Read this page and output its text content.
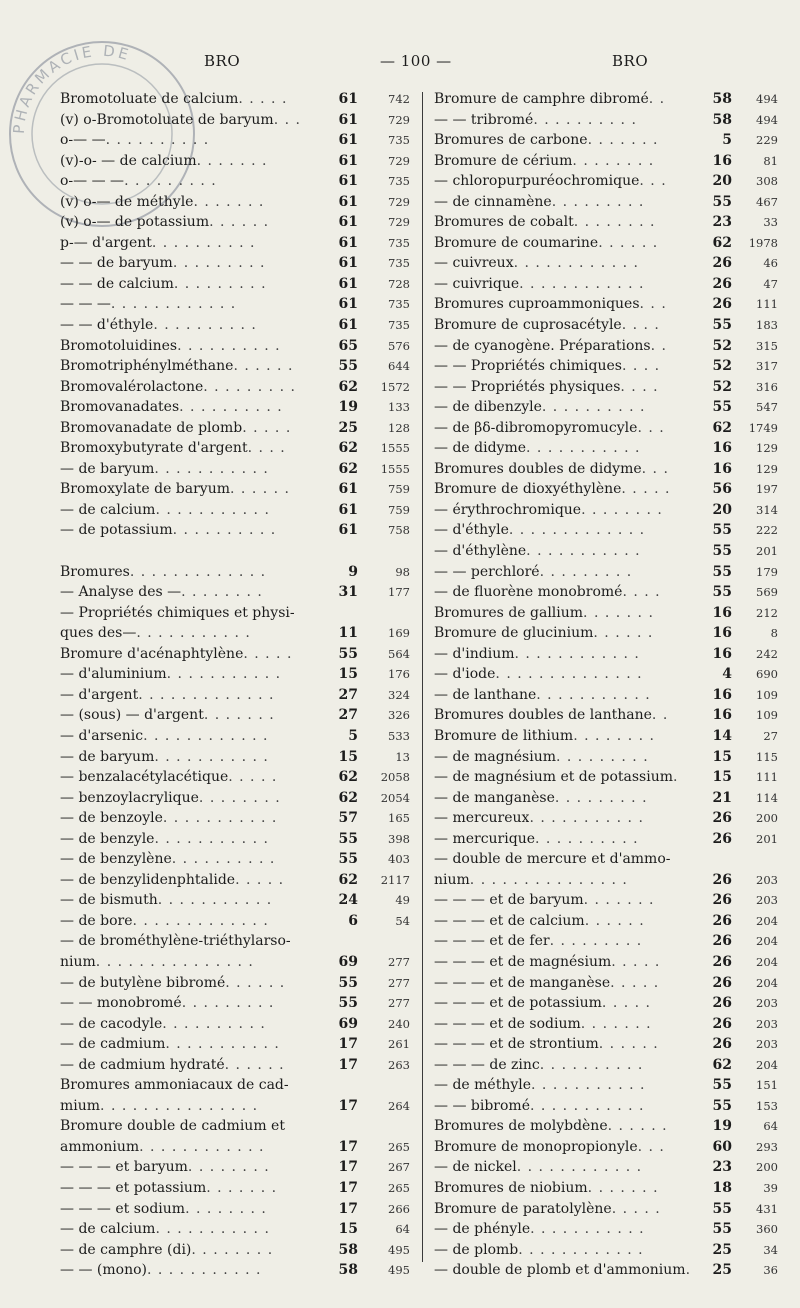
PHARMACIE DE	BRO	— 100 —	BRO
Bromotoluate de calcium. . . . .	61	742
(v) o-Bromotoluate de baryum. . .	61	729
o-— —. . . . . . . . . .	61	735
(v)-o- — de calcium. . . . . . .	61	729
o-— — —. . . . . . . . .	61	735
(v) o-— de méthyle. . . . . . .	61	729
(v) o-— de potassium. . . . . .	61	729
p-— d'argent. . . . . . . . . .	61	735
— — de baryum. . . . . . . . .	61	735
— — de calcium. . . . . . . . .	61	728
— — —. . . . . . . . . . . .	61	735
— — d'éthyle. . . . . . . . . .	61	735
Bromotoluidines. . . . . . . . . .	65	576
Bromotriphénylméthane. . . . . .	55	644
Bromovalérolactone. . . . . . . . .	62	1572
Bromovanadates. . . . . . . . . .	19	133
Bromovanadate de plomb. . . . .	25	128
Bromoxybutyrate d'argent. . . .	62	1555
— de baryum. . . . . . . . . . .	62	1555
Bromoxylate de baryum. . . . . .	61	759
— de calcium. . . . . . . . . . .	61	759
— de potassium. . . . . . . . . .	61	758
Bromures. . . . . . . . . . . . .	9	98
— Analyse des —. . . . . . . .	31	177
— Propriétés chimiques et physi-
ques des—. . . . . . . . . . .	11	169
Bromure d'acénaphtylène. . . . .	55	564
— d'aluminium. . . . . . . . . . .	15	176
— d'argent. . . . . . . . . . . . .	27	324
— (sous) — d'argent. . . . . . .	27	326
— d'arsenic. . . . . . . . . . . .	5	533
— de baryum. . . . . . . . . . .	15	13
— benzalacétylacétique. . . . .	62	2058
— benzoylacrylique. . . . . . . .	62	2054
— de benzoyle. . . . . . . . . . .	57	165
— de benzyle. . . . . . . . . . .	55	398
— de benzylène. . . . . . . . . .	55	403
— de benzylidenphtalide. . . . .	62	2117
— de bismuth. . . . . . . . . . .	24	49
— de bore. . . . . . . . . . . . .	6	54
— de brométhylène-triéthylarso-
nium. . . . . . . . . . . . . . .	69	277
— de butylène bibromé. . . . . .	55	277
— — monobromé. . . . . . . . .	55	277
— de cacodyle. . . . . . . . . .	69	240
— de cadmium. . . . . . . . . . .	17	261
— de cadmium hydraté. . . . . .	17	263
Bromures ammoniacaux de cad-
mium. . . . . . . . . . . . . . .	17	264
Bromure double de cadmium et
ammonium. . . . . . . . . . . .	17	265
— — — et baryum. . . . . . . .	17	267
— — — et potassium. . . . . . .	17	265
— — — et sodium. . . . . . . .	17	266
— de calcium. . . . . . . . . . .	15	64
— de camphre (di). . . . . . . .	58	495
— — (mono). . . . . . . . . . .	58	495
Bromure de camphre dibromé. .	58	494
— — tribromé. . . . . . . . . .	58	494
Bromures de carbone. . . . . . .	5	229
Bromure de cérium. . . . . . . .	16	81
— chloropurpuréochromique. . .	20	308
— de cinnamène. . . . . . . . .	55	467
Bromures de cobalt. . . . . . . .	23	33
Bromure de coumarine. . . . . .	62	1978
— cuivreux. . . . . . . . . . . .	26	46
— cuivrique. . . . . . . . . . . .	26	47
Bromures cuproammoniques. . .	26	111
Bromure de cuprosacétyle. . . .	55	183
— de cyanogène. Préparations. .	52	315
— — Propriétés chimiques. . . .	52	317
— — Propriétés physiques. . . .	52	316
— de dibenzyle. . . . . . . . . .	55	547
— de βδ-dibromopyromucyle. . .	62	1749
— de didyme. . . . . . . . . . .	16	129
Bromures doubles de didyme. . .	16	129
Bromure de dioxyéthylène. . . . .	56	197
— érythrochromique. . . . . . . .	20	314
— d'éthyle. . . . . . . . . . . . .	55	222
— d'éthylène. . . . . . . . . . .	55	201
— — perchloré. . . . . . . . .	55	179
— de fluorène monobromé. . . .	55	569
Bromures de gallium. . . . . . .	16	212
Bromure de glucinium. . . . . .	16	8
— d'indium. . . . . . . . . . . .	16	242
— d'iode. . . . . . . . . . . . . .	4	690
— de lanthane. . . . . . . . . . .	16	109
Bromures doubles de lanthane. .	16	109
Bromure de lithium. . . . . . . .	14	27
— de magnésium. . . . . . . . .	15	115
— de magnésium et de potassium.	15	111
— de manganèse. . . . . . . . .	21	114
— mercureux. . . . . . . . . . .	26	200
— mercurique. . . . . . . . . .	26	201
— double de mercure et d'ammo-
nium. . . . . . . . . . . . . . .	26	203
— — — et de baryum. . . . . . .	26	203
— — — et de calcium. . . . . .	26	204
— — — et de fer. . . . . . . . .	26	204
— — — et de magnésium. . . . .	26	204
— — — et de manganèse. . . . .	26	204
— — — et de potassium. . . . .	26	203
— — — et de sodium. . . . . . .	26	203
— — — et de strontium. . . . . .	26	203
— — — de zinc. . . . . . . . . .	62	204
— de méthyle. . . . . . . . . . .	55	151
— — bibromé. . . . . . . . . . .	55	153
Bromures de molybdène. . . . . .	19	64
Bromure de monopropionyle. . .	60	293
— de nickel. . . . . . . . . . . .	23	200
Bromures de niobium. . . . . . .	18	39
Bromure de paratolylène. . . . .	55	431
— de phényle. . . . . . . . . . .	55	360
— de plomb. . . . . . . . . . . .	25	34
— double de plomb et d'ammonium.	25	36
